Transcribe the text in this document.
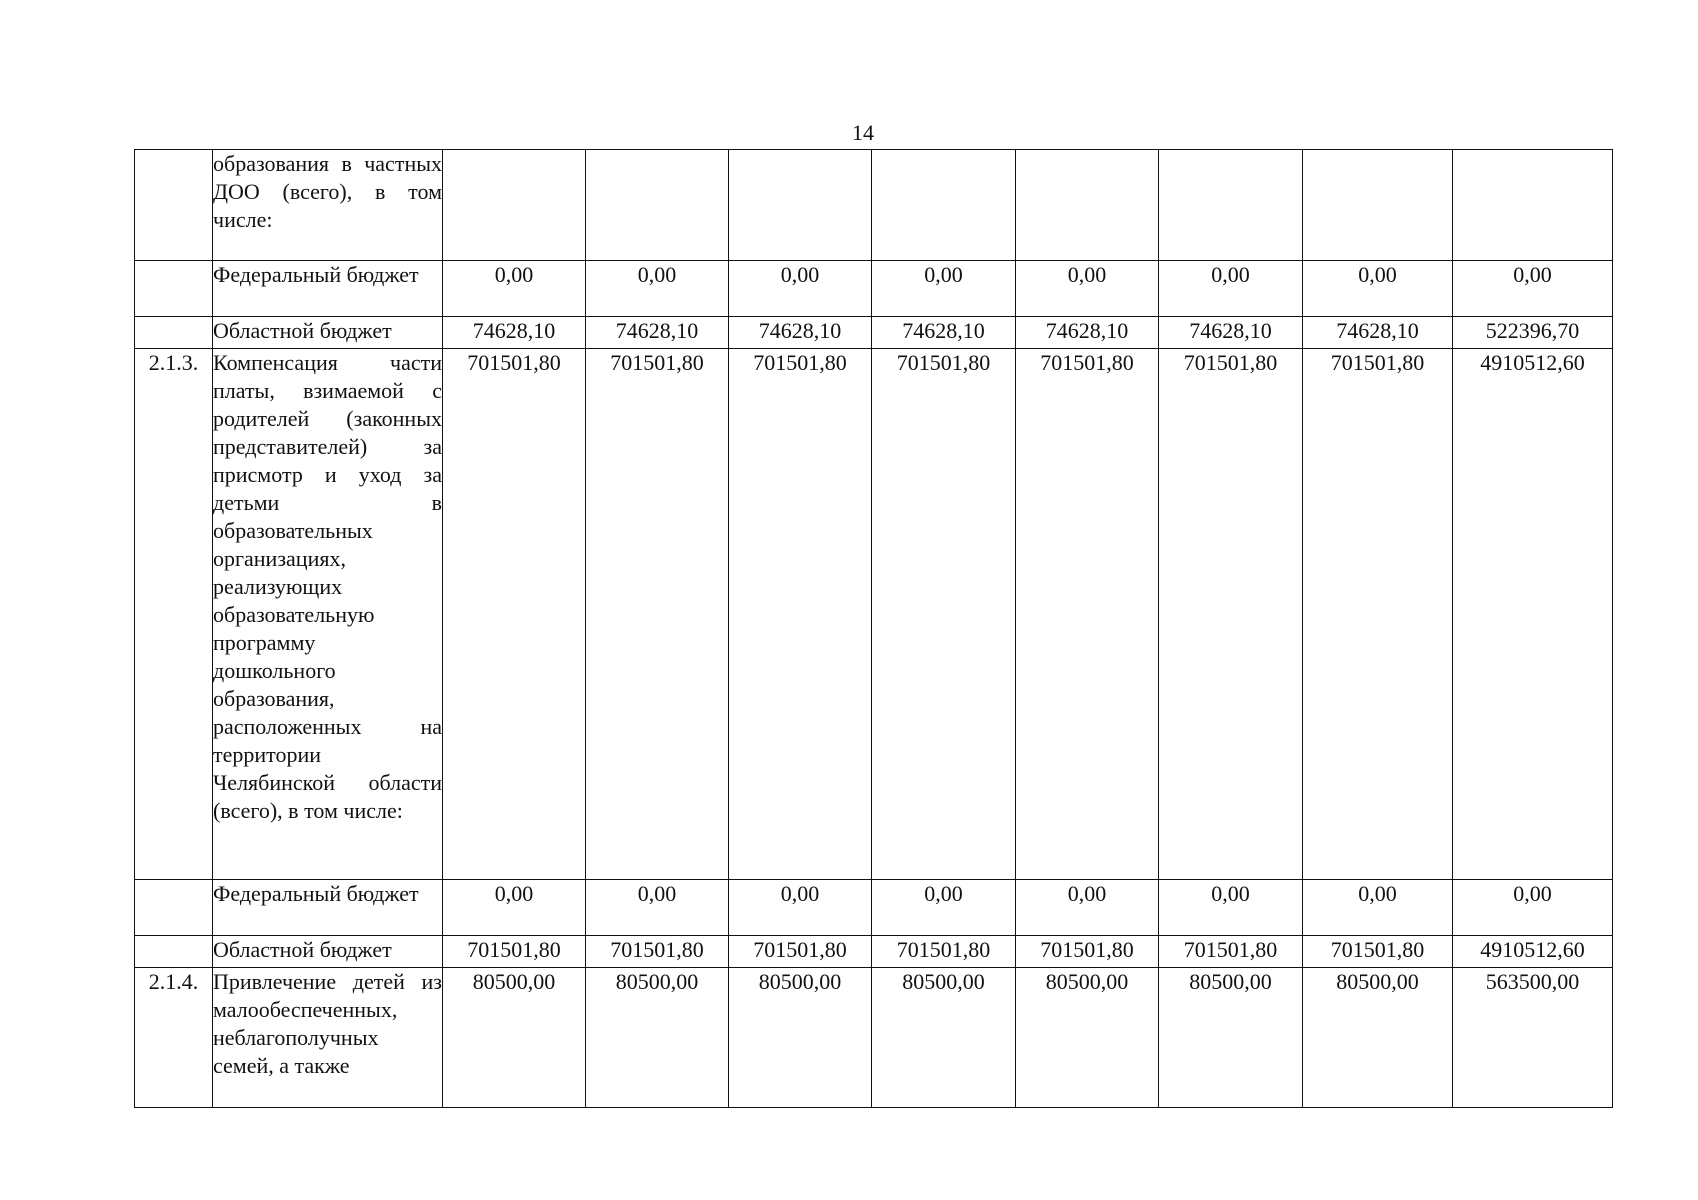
14

	образования в частных ДОО (всего), в том числе:								

	Федеральный бюджет	0,00	0,00	0,00	0,00	0,00	0,00	0,00	0,00

	Областной бюджет	74628,10	74628,10	74628,10	74628,10	74628,10	74628,10	74628,10	522396,70
2.1.3.	Компенсация части платы, взимаемой с родителей (законных представителей) за присмотр и уход за детьми в образовательных организациях, реализующих образовательную программу дошкольного образования, расположенных на территории Челябинской области (всего), в том числе:	701501,80	701501,80	701501,80	701501,80	701501,80	701501,80	701501,80	4910512,60

	Федеральный бюджет	0,00	0,00	0,00	0,00	0,00	0,00	0,00	0,00

	Областной бюджет	701501,80	701501,80	701501,80	701501,80	701501,80	701501,80	701501,80	4910512,60
2.1.4.	Привлечение детей из малообеспеченных, неблагополучных семей, а также	80500,00	80500,00	80500,00	80500,00	80500,00	80500,00	80500,00	563500,00
